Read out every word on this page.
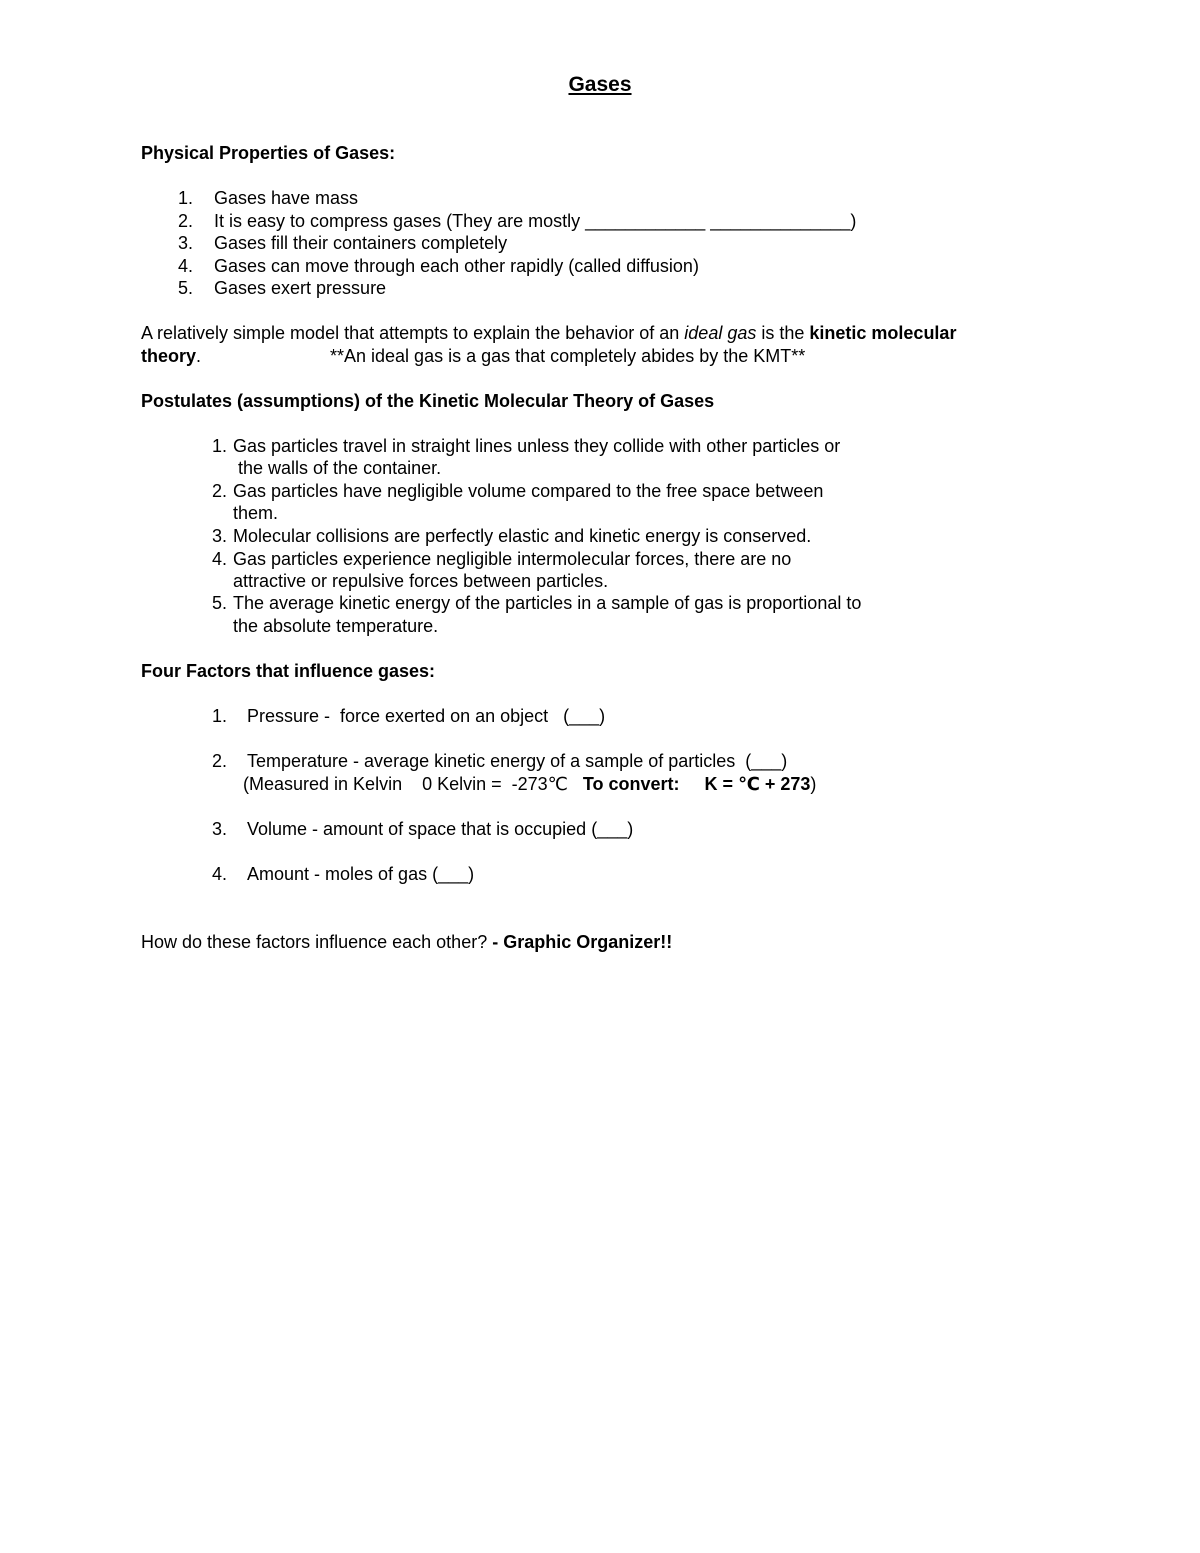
Gases
Physical Properties of Gases:
1. Gases have mass
2. It is easy to compress gases (They are mostly ____________ ______________)
3. Gases fill their containers completely
4. Gases can move through each other rapidly (called diffusion)
5. Gases exert pressure
A relatively simple model that attempts to explain the behavior of an ideal gas is the kinetic molecular
theory.	**An ideal gas is a gas that completely abides by the KMT**
Postulates (assumptions) of the Kinetic Molecular Theory of Gases
1. Gas particles travel in straight lines unless they collide with other particles or
the walls of the container.
2. Gas particles have negligible volume compared to the free space between
them.
3. Molecular collisions are perfectly elastic and kinetic energy is conserved.
4. Gas particles experience negligible intermolecular forces, there are no
attractive or repulsive forces between particles.
5. The average kinetic energy of the particles in a sample of gas is proportional to
the absolute temperature.
Four Factors that influence gases:
1. Pressure -  force exerted on an object   (___)
2. Temperature - average kinetic energy of a sample of particles  (___)
(Measured in Kelvin    0 Kelvin =  -273℃   To convert:     K = ℃ + 273)
3. Volume - amount of space that is occupied (___)
4. Amount - moles of gas (___)
How do these factors influence each other? - Graphic Organizer!!
